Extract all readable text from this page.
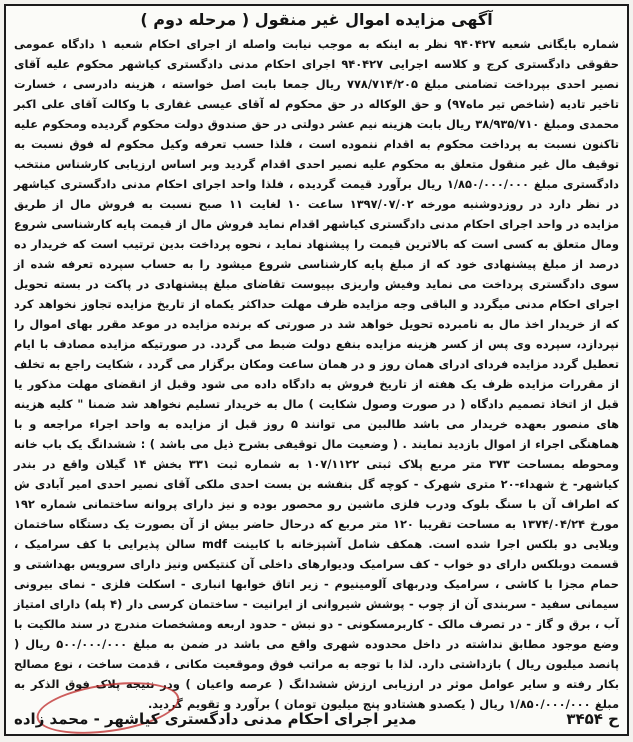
آگهی مزایده اموال غیر منقول ( مرحله دوم )
شماره بایگانی شعبه ۹۴۰۴۲۷ نظر به اینکه به موجب نیابت واصله از اجرای احکام شعبه ۱ دادگاه عمومی حقوقی دادگستری کرج و کلاسه اجرایی ۹۴۰۴۲۷ اجرای احکام مدنی دادگستری کیاشهر محکوم علیه آقای نصیر احدی بپرداخت تضامنی مبلغ ۷۷۸/۷۱۴/۲۰۵ ریال جمعا بابت اصل خواسته ، هزینه دادرسی ، خسارت تاخیر تادیه (شاخص تیر ماه۹۷) و حق الوکاله در حق محکوم له آقای عیسی غفاری با وکالت آقای علی اکبر محمدی ومبلغ ۳۸/۹۳۵/۷۱۰ ریال بابت هزینه نیم عشر دولتی در حق صندوق دولت محکوم گردیده ومحکوم علیه تاکنون نسبت به پرداخت محکوم به اقدام ننموده است ، فلذا حسب تعرفه وکیل محکوم له فوق نسبت به توقیف مال غیر منقول متعلق به محکوم علیه نصیر احدی اقدام گردید وبر اساس ارزیابی کارشناس منتخب دادگستری مبلغ ۱/۸۵۰/۰۰۰/۰۰۰ ریال برآورد قیمت گردیده ، فلذا واحد اجرای احکام مدنی دادگستری کیاشهر در نظر دارد در روزدوشنبه مورخه ۱۳۹۷/۰۷/۰۲ ساعت ۱۰ لغایت ۱۱ صبح نسبت به فروش مال از طریق مزایده در واحد اجرای احکام مدنی دادگستری کیاشهر اقدام نماید فروش مال از قیمت پایه کارشناسی شروع ومال متعلق به کسی است که بالاترین قیمت را پیشنهاد نماید ، نحوه پرداخت بدین ترتیب است که خریدار ده درصد از مبلغ پیشنهادی خود که از مبلغ پایه کارشناسی شروع میشود را به حساب سپرده تعرفه شده از سوی دادگستری پرداخت می نماید وفیش واریزی بپیوست تقاضای مبلغ پیشنهادی در پاکت در بسته تحویل اجرای احکام مدنی میگردد و الباقی وجه مزایده ظرف مهلت حداکثر یکماه از تاریخ مزایده تجاوز نخواهد کرد که از خریدار اخذ مال به نامبرده تحویل خواهد شد در صورتی که برنده مزایده در موعد مقرر بهای اموال را نپردازد، سپرده وی پس از کسر هزینه مزایده بنفع دولت ضبط می گردد. در صورتیکه مزایده مصادف با ایام تعطیل گردد مزایده فردای ادرای همان روز و در همان ساعت ومکان برگزار می گردد ، شکایت راجع به تخلف از مقررات مزایده ظرف یک هفته از تاریخ فروش به دادگاه داده می شود وقبل از انقضای مهلت مذکور یا قبل از اتخاذ تصمیم دادگاه ( در صورت وصول شکایت ) مال به خریدار تسلیم نخواهد شد ضمنا " کلیه هزینه های منصور بعهده خریدار می باشد طالبین می توانند ۵ روز قبل از مزایده به واحد اجراء مراجعه و با هماهنگی اجراء از اموال بازدید نمایند . ( وضعیت مال توقیفی بشرح ذیل می باشد ) : ششدانگ یک باب خانه ومحوطه بمساحت ۳۷۳ متر مربع پلاک ثبتی ۱۰۷/۱۱۲۲ به شماره ثبت ۳۳۱ بخش ۱۴ گیلان واقع در بندر کیاشهر- خ شهداء-۲۰ متری شهرک - کوچه گل بنفشه بن بست احدی ملکی آقای نصیر احدی امیر آبادی ش که اطراف آن با سنگ بلوک ودرب فلزی ماشین رو محصور بوده و نیز دارای پروانه ساختمانی شماره ۱۹۲ مورخ ۱۳۷۴/۰۴/۲۴ به مساحت تقریبا ۱۲۰ متر مربع که درحال حاضر بیش از آن بصورت یک دستگاه ساختمان ویلایی دو بلکس اجرا شده است. همکف شامل آشپزخانه با کابینت mdf سالن پذیرایی با کف سرامیک ، قسمت دوبلکس دارای دو خواب - کف سرامیک ودیوارهای داخلی آن کنتیکس ونیز دارای سرویس بهداشتی و حمام مجزا با کاشی ، سرامیک ودربهای آلومینیوم - زیر اتاق خوابها انباری - اسکلت فلزی - نمای بیرونی سیمانی سفید - سربندی آن از چوب - پوشش شیروانی از ایرانیت - ساختمان کرسی دار (۴ پله) دارای امتیاز آب ، برق و گاز - در تصرف مالک - کاربرمسکونی - دو نبش - حدود اربعه ومشخصات مندرج در سند مالکیت با وضع موجود مطابق نداشته در داخل محدوده شهری واقع می باشد در ضمن به مبلغ ۵۰۰/۰۰۰/۰۰۰ ریال ( پانصد میلیون ریال ) بازداشتی دارد. لذا با توجه به مراتب فوق وموقعیت مکانی ، قدمت ساخت ، نوع مصالح بکار رفته و سایر عوامل موثر در ارزیابی ارزش ششدانگ ( عرصه واعیان ) ودر نتیجه پلاک فوق الذکر به مبلغ ۱/۸۵۰/۰۰۰/۰۰۰ ریال ( یکصدو هشتادو پنج میلیون تومان ) برآورد و تقویم گردید.
ح ۳۴۵۴
مدیر اجرای احکام مدنی دادگستری کیاشهر - محمد زاده
